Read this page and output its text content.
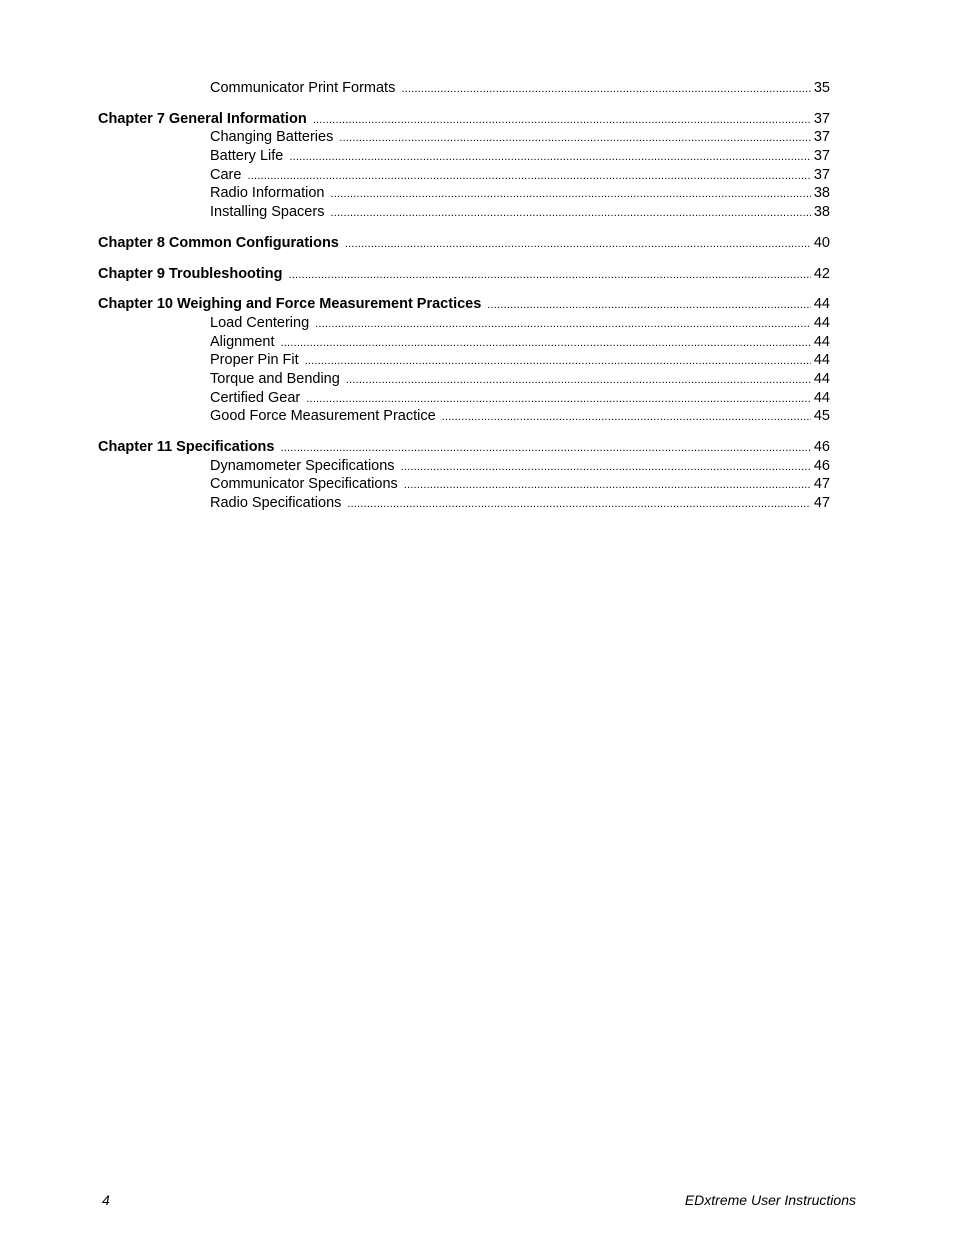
Communicator Print Formats .....	35
Chapter 7 General Information .....	37
Changing Batteries .....	37
Battery Life .....	37
Care .....	37
Radio Information .....	38
Installing Spacers .....	38
Chapter 8 Common Configurations .....	40
Chapter 9 Troubleshooting .....	42
Chapter 10 Weighing and Force Measurement Practices .....	44
Load Centering .....	44
Alignment .....	44
Proper Pin Fit .....	44
Torque and Bending .....	44
Certified Gear .....	44
Good Force Measurement Practice .....	45
Chapter 11 Specifications .....	46
Dynamometer Specifications .....	46
Communicator Specifications .....	47
Radio Specifications .....	47
4	EDxtreme User Instructions
